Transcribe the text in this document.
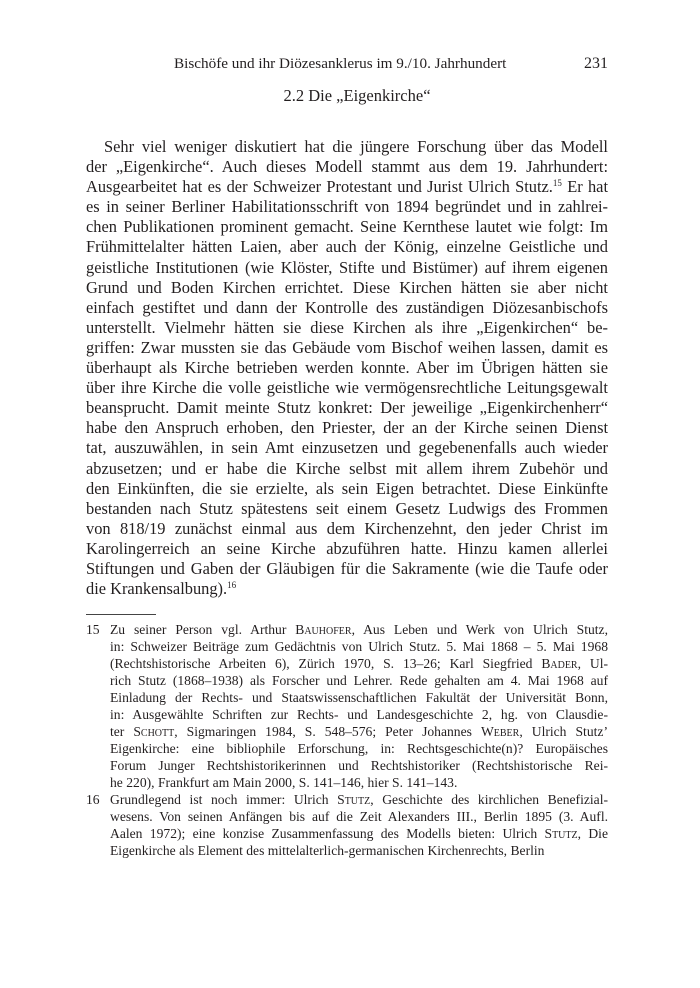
Bischöfe und ihr Diözesanklerus im 9./10. Jahrhundert	231
2.2 Die „Eigenkirche“
Sehr viel weniger diskutiert hat die jüngere Forschung über das Modell
der „Eigenkirche“. Auch dieses Modell stammt aus dem 19. Jahrhundert:
Ausgearbeitet hat es der Schweizer Protestant und Jurist Ulrich Stutz.$^{15}$ Er hat
es in seiner Berliner Habilitationsschrift von 1894 begründet und in zahlrei-
chen Publikationen prominent gemacht. Seine Kernthese lautet wie folgt: Im
Frühmittelalter hätten Laien, aber auch der König, einzelne Geistliche und
geistliche Institutionen (wie Klöster, Stifte und Bistümer) auf ihrem eigenen
Grund und Boden Kirchen errichtet. Diese Kirchen hätten sie aber nicht
einfach gestiftet und dann der Kontrolle des zuständigen Diözesanbischofs
unterstellt. Vielmehr hätten sie diese Kirchen als ihre „Eigenkirchen“ be-
griffen: Zwar mussten sie das Gebäude vom Bischof weihen lassen, damit es
überhaupt als Kirche betrieben werden konnte. Aber im Übrigen hätten sie
über ihre Kirche die volle geistliche wie vermögensrechtliche Leitungsgewalt
beansprucht. Damit meinte Stutz konkret: Der jeweilige „Eigenkirchenherr“
habe den Anspruch erhoben, den Priester, der an der Kirche seinen Dienst
tat, auszuwählen, in sein Amt einzusetzen und gegebenenfalls auch wieder
abzusetzen; und er habe die Kirche selbst mit allem ihrem Zubehör und
den Einkünften, die sie erzielte, als sein Eigen betrachtet. Diese Einkünfte
bestanden nach Stutz spätestens seit einem Gesetz Ludwigs des Frommen
von 818/19 zunächst einmal aus dem Kirchenzehnt, den jeder Christ im
Karolingerreich an seine Kirche abzuführen hatte. Hinzu kamen allerlei
Stiftungen und Gaben der Gläubigen für die Sakramente (wie die Taufe oder
die Krankensalbung).$^{16}$
15 Zu seiner Person vgl. Arthur Bauhofer, Aus Leben und Werk von Ulrich Stutz,
in: Schweizer Beiträge zum Gedächtnis von Ulrich Stutz. 5. Mai 1868 – 5. Mai 1968
(Rechtshistorische Arbeiten 6), Zürich 1970, S. 13–26; Karl Siegfried Bader, Ul-
rich Stutz (1868–1938) als Forscher und Lehrer. Rede gehalten am 4. Mai 1968 auf
Einladung der Rechts- und Staatswissenschaftlichen Fakultät der Universität Bonn,
in: Ausgewählte Schriften zur Rechts- und Landesgeschichte 2, hg. von Clausdie-
ter Schott, Sigmaringen 1984, S. 548–576; Peter Johannes Weber, Ulrich Stutz’
Eigenkirche: eine bibliophile Erforschung, in: Rechtsgeschichte(n)? Europäisches
Forum Junger Rechtshistorikerinnen und Rechtshistoriker (Rechtshistorische Rei-
he 220), Frankfurt am Main 2000, S. 141–146, hier S. 141–143.
16 Grundlegend ist noch immer: Ulrich Stutz, Geschichte des kirchlichen Benefizial-
wesens. Von seinen Anfängen bis auf die Zeit Alexanders III., Berlin 1895 (3. Aufl.
Aalen 1972); eine konzise Zusammenfassung des Modells bieten: Ulrich Stutz, Die
Eigenkirche als Element des mittelalterlich-germanischen Kirchenrechts, Berlin
